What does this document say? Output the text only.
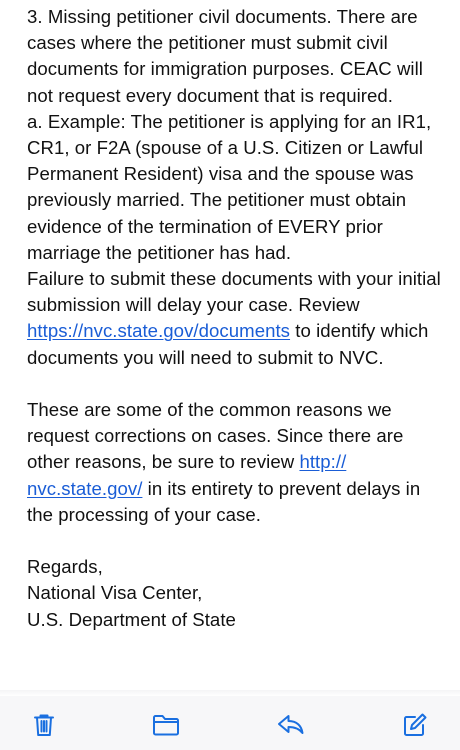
3. Missing petitioner civil documents. There are cases where the petitioner must submit civil documents for immigration purposes. CEAC will not request every document that is required.

a. Example: The petitioner is applying for an IR1, CR1, or F2A (spouse of a U.S. Citizen or Lawful Permanent Resident) visa and the spouse was previously married. The petitioner must obtain evidence of the termination of EVERY prior marriage the petitioner has had.

Failure to submit these documents with your initial submission will delay your case. Review https://nvc.state.gov/documents to identify which documents you will need to submit to NVC.

These are some of the common reasons we request corrections on cases. Since there are other reasons, be sure to review http://
nvc.state.gov/ in its entirety to prevent delays in the processing of your case.

Regards,

National Visa Center,

U.S. Department of State
